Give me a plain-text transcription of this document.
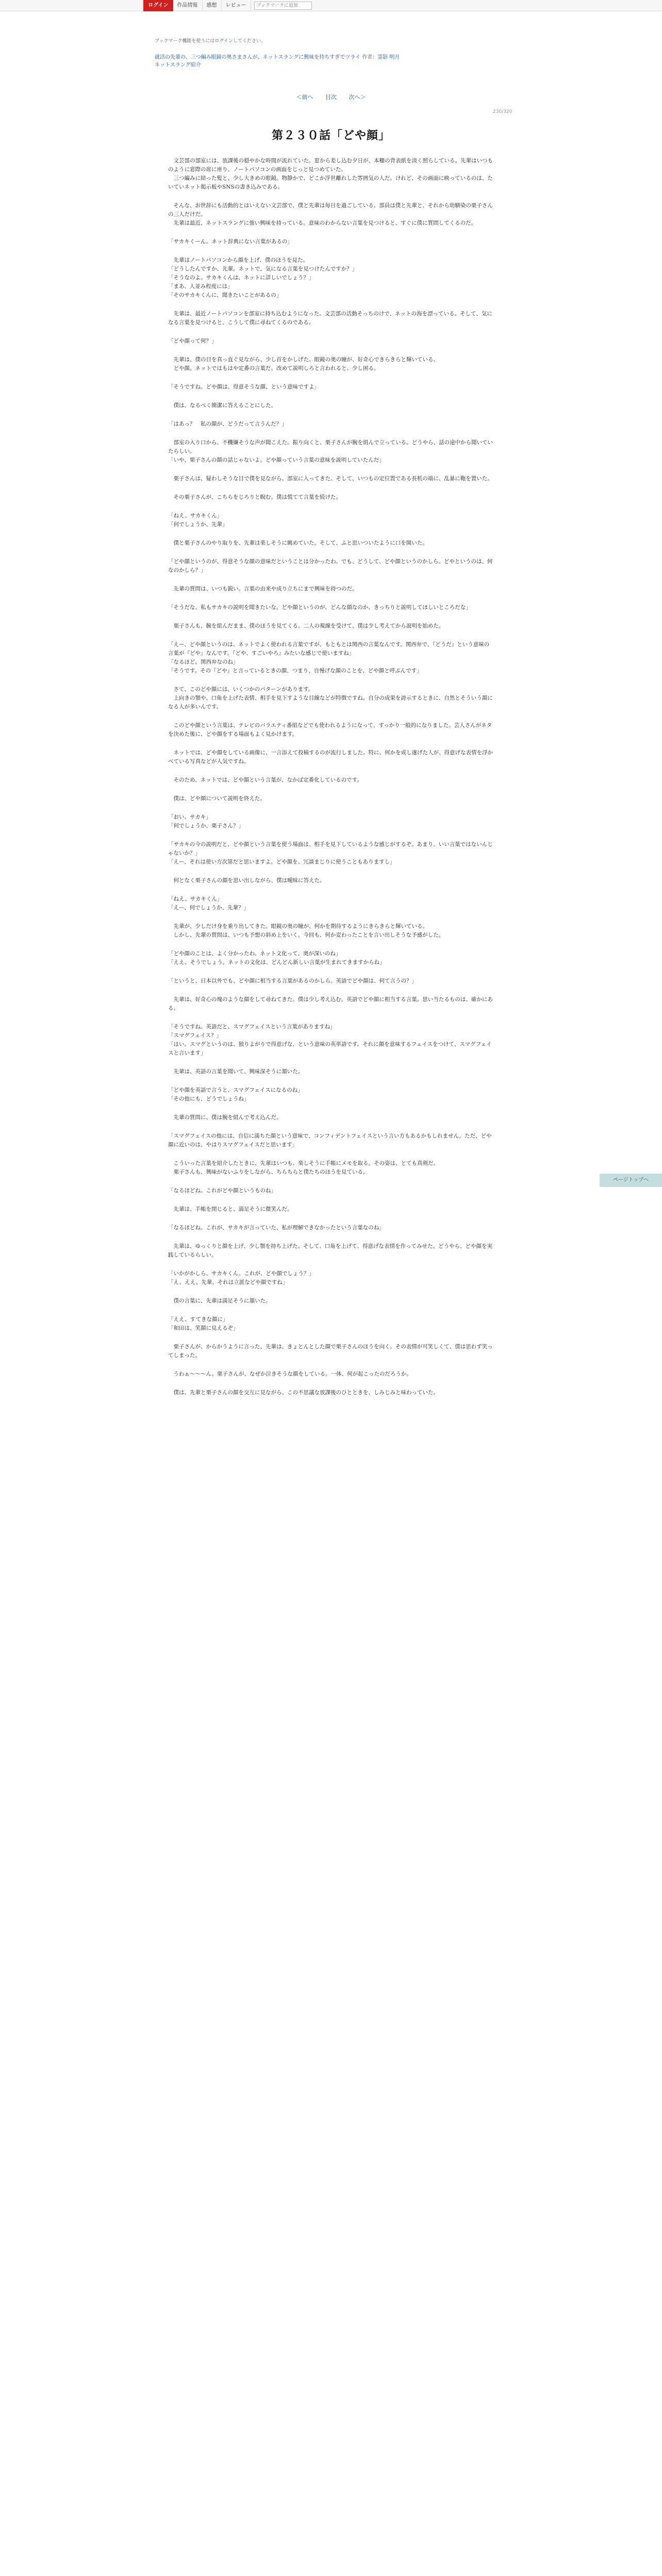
ログイン	作品情報	感想	レビュー
ブックマークに追加
ブックマーク機能を使うにはログインしてください。
就活の先輩の、三つ編み眼鏡の奥さまさんが、ネットスラングに興味を持ちすぎでツライ 作者：霊影 明月
ネットスラング紹介
＜前へ 目次 次へ＞
230/320
第２３０話「どや顔」

　文芸部の部室には、放課後の穏やかな時間が流れていた。窓から差し込む夕日が、本棚の背表紙を淡く照らしている。先輩はいつものように窓際の席に座り、ノートパソコンの画面をじっと見つめていた。
　三つ編みに結った髪と、少し大きめの眼鏡。物静かで、どこか浮世離れした雰囲気の人だ。けれど、その画面に映っているのは、たいていネット掲示板やSNSの書き込みである。

　そんな、お世辞にも活動的とはいえない文芸部で、僕と先輩は毎日を過ごしている。部員は僕と先輩と、それから幼馴染の栗子さんの三人だけだ。
　先輩は最近、ネットスラングに強い興味を持っている。意味のわからない言葉を見つけると、すぐに僕に質問してくるのだ。

「サカキくーん。ネット辞典にない言葉があるの」

　先輩はノートパソコンから顔を上げ、僕のほうを見た。
「どうしたんですか、先輩。ネットで、気になる言葉を見つけたんですか？」
「そうなのよ。サカキくんは、ネットに詳しいでしょう？」
「まあ、人並み程度には」
「そのサカキくんに、聞きたいことがあるの」

　先輩は、最近ノートパソコンを部室に持ち込むようになった。文芸部の活動そっちのけで、ネットの海を漂っている。そして、気になる言葉を見つけると、こうして僕に尋ねてくるのである。

「どや顔って何？」

　先輩は、僕の目を真っ直ぐ見ながら、少し首をかしげた。眼鏡の奥の瞳が、好奇心できらきらと輝いている。
　どや顔。ネットではもはや定番の言葉だ。改めて説明しろと言われると、少し困る。

「そうですね。どや顔は、得意そうな顔、という意味ですよ」

　僕は、なるべく簡潔に答えることにした。

「はあっ？　私の顔が、どうだって言うんだ？」

　部室の入り口から、不機嫌そうな声が聞こえた。振り向くと、栗子さんが腕を組んで立っている。どうやら、話の途中から聞いていたらしい。
「いや、栗子さんの顔の話じゃないよ。どや顔っていう言葉の意味を説明していたんだ」

　栗子さんは、疑わしそうな目で僕を見ながら、部室に入ってきた。そして、いつもの定位置である長机の端に、乱暴に鞄を置いた。

　その栗子さんが、こちらをじろりと睨む。僕は慌てて言葉を続けた。

「ねえ、サカキくん」
「何でしょうか、先輩」

　僕と栗子さんのやり取りを、先輩は楽しそうに眺めていた。そして、ふと思いついたように口を開いた。

「どや顔というのが、得意そうな顔の意味だということは分かったわ。でも、どうして、どや顔というのかしら。どやというのは、何なのかしら？」

　先輩の質問は、いつも鋭い。言葉の由来や成り立ちにまで興味を持つのだ。

「そうだな、私もサカキの説明を聞きたいな。どや顔というのが、どんな顔なのか、きっちりと説明してほしいところだな」

　栗子さんも、腕を組んだまま、僕のほうを見てくる。二人の視線を受けて、僕は少し考えてから説明を始めた。

「えー、どや顔というのは、ネットでよく使われる言葉ですが、もともとは関西の言葉なんです。関西弁で、『どうだ』という意味の言葉が『どや』なんです。『どや、すごいやろ』みたいな感じで使いますね」
「なるほど。関西弁なのね」
「そうです。その『どや』と言っているときの顔、つまり、自慢げな顔のことを、どや顔と呼ぶんです」

　さて、このどや顔には、いくつかのパターンがあります。
　上向きの顎や、口角を上げた表情、相手を見下すような目線などが特徴ですね。自分の成果を誇示するときに、自然とそういう顔になる人が多いんです。

　このどや顔という言葉は、テレビのバラエティ番組などでも使われるようになって、すっかり一般的になりました。芸人さんがネタを決めた後に、どや顔をする場面もよく見かけます。

　ネットでは、どや顔をしている画像に、一言添えて投稿するのが流行しました。特に、何かを成し遂げた人が、得意げな表情を浮かべている写真などが人気ですね。

　そのため、ネットでは、どや顔という言葉が、なかば定番化しているのです。

　僕は、どや顔について説明を終えた。

「おい、サカキ」
「何でしょうか、栗子さん？」

「サカキの今の説明だと、どや顔という言葉を使う場面は、相手を見下しているような感じがするぞ。あまり、いい言葉ではないんじゃないか？」
「えー、それは使い方次第だと思いますよ。どや顔を、冗談まじりに使うこともありますし」

　何となく栗子さんの顔を思い出しながら、僕は曖昧に答えた。

「ねえ、サカキくん」
「えー、何でしょうか、先輩？」

　先輩が、少しだけ身を乗り出してきた。眼鏡の奥の瞳が、何かを期待するようにきらきらと輝いている。
　しかし、先輩の質問は、いつも予想の斜め上をいく。今回も、何か変わったことを言い出しそうな予感がした。

「どや顔のことは、よく分かったわ。ネット文化って、奥が深いのね」
「ええ、そうでしょう。ネットの文化は、どんどん新しい言葉が生まれてきますからね」

「というと、日本以外でも、どや顔に相当する言葉があるのかしら。英語でどや顔は、何て言うの？」

　先輩は、好奇心の塊のような顔をして尋ねてきた。僕は少し考え込む。英語でどや顔に相当する言葉。思い当たるものは、確かにある。

「そうですね。英語だと、スマグフェイスという言葉がありますね」
「スマグフェイス？」
「はい。スマグというのは、独りよがりで得意げな、という意味の英単語です。それに顔を意味するフェイスをつけて、スマグフェイスと言います」

　先輩は、英語の言葉を聞いて、興味深そうに頷いた。

「どや顔を英語で言うと、スマグフェイスになるのね」
「その他にも、どうでしょうね」

　先輩の質問に、僕は腕を組んで考え込んだ。

「スマグフェイスの他には、自信に満ちた顔という意味で、コンフィデントフェイスという言い方もあるかもしれません。ただ、どや顔に近いのは、やはりスマグフェイスだと思います」

　こういった言葉を紹介したときに、先輩はいつも、楽しそうに手帳にメモを取る。その姿は、とても真剣だ。
　栗子さんも、興味がないふりをしながら、ちらちらと僕たちのほうを見ている。

「なるほどね。これがどや顔というものね」

　先輩は、手帳を閉じると、満足そうに微笑んだ。

「なるほどね。これが、サカキが言っていた、私が理解できなかったという言葉なのね」

　先輩は、ゆっくりと顔を上げ、少し顎を持ち上げた。そして、口角を上げて、得意げな表情を作ってみせた。どうやら、どや顔を実践しているらしい。

「いかがかしら、サカキくん。これが、どや顔でしょう？」
「え、ええ。先輩、それは立派などや顔ですね」

　僕の言葉に、先輩は満足そうに頷いた。

「ええ、すてきな顔に」
「和田は、笑顔に見えるぞ」

　栗子さんが、からかうように言った。先輩は、きょとんとした顔で栗子さんのほうを向く。その表情が可笑しくて、僕は思わず笑ってしまった。

　うわぁ〜〜〜ん。栗子さんが、なぜか泣きそうな顔をしている。一体、何が起こったのだろうか。

　僕は、先輩と栗子さんの顔を交互に見ながら、この不思議な放課後のひとときを、しみじみと味わっていた。

ページトップへ
